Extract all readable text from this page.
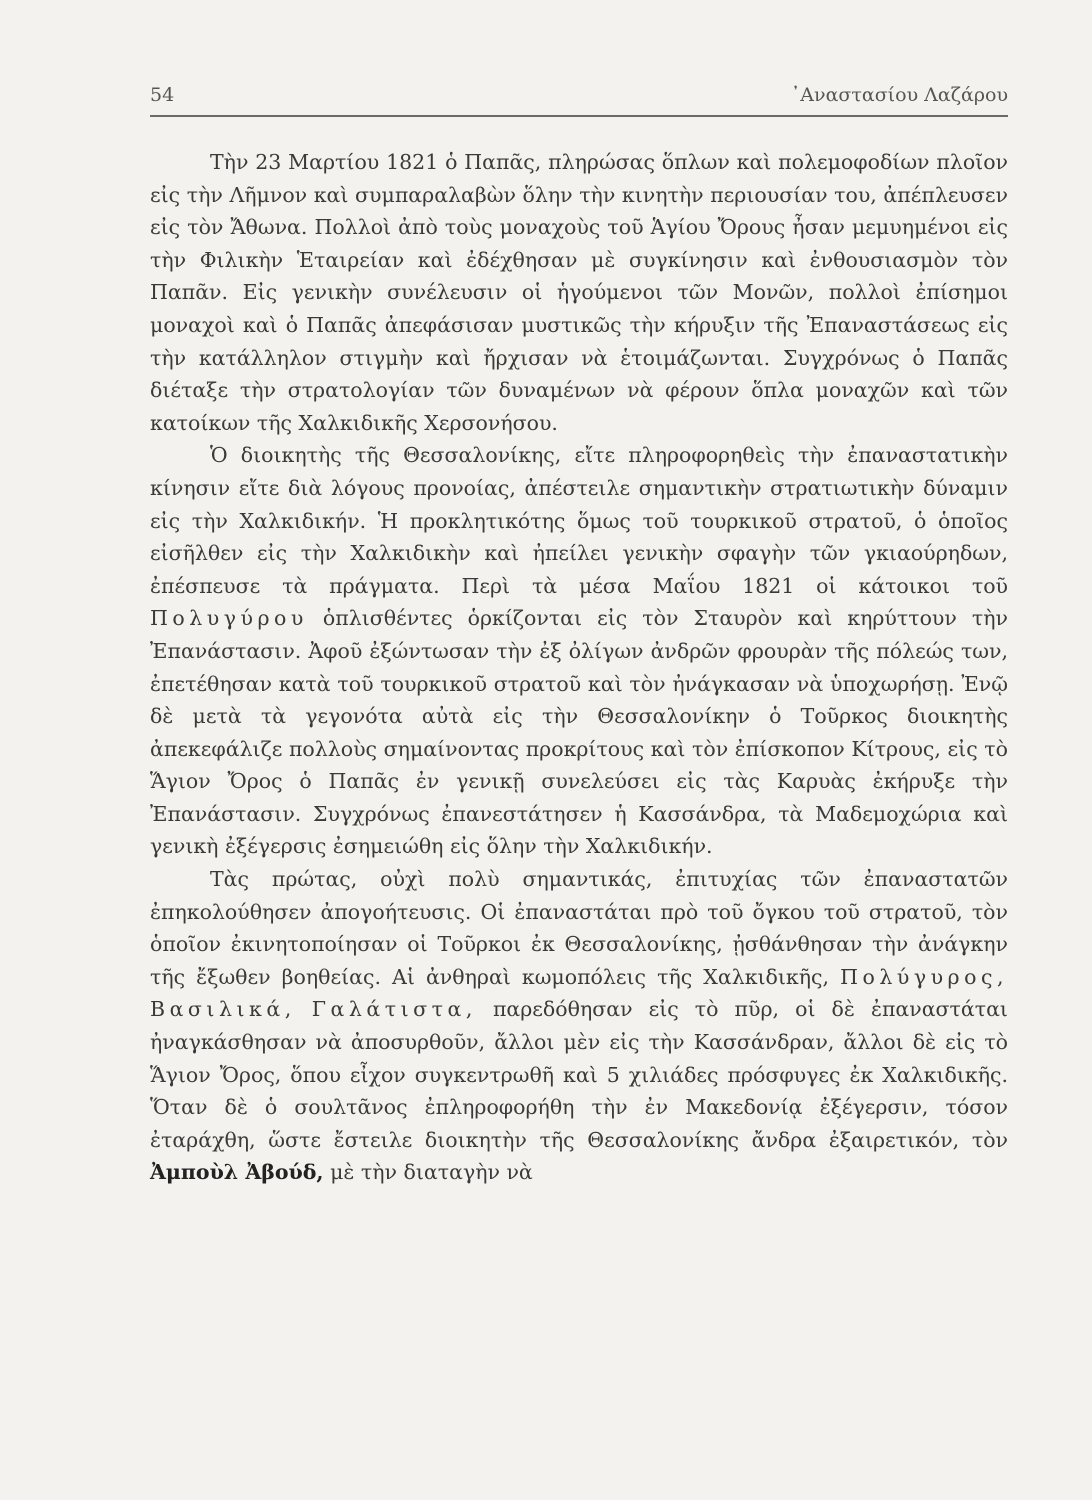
54	᾿Αναστασίου Λαζάρου

Τὴν 23 Μαρτίου 1821 ὁ Παπᾶς, πληρώσας ὅπλων καὶ πολεμοφοδίων πλοῖον εἰς τὴν Λῆμνον καὶ συμπαραλαβὼν ὅλην τὴν κινητὴν περιουσίαν του, ἀπέπλευσεν εἰς τὸν Ἄθωνα. Πολλοὶ ἀπὸ τοὺς μοναχοὺς τοῦ Ἁγίου Ὄρους ἦσαν μεμυημένοι εἰς τὴν Φιλικὴν Ἑταιρείαν καὶ ἐδέχθησαν μὲ συγκίνησιν καὶ ἐνθουσιασμὸν τὸν Παπᾶν. Εἰς γενικὴν συνέλευσιν οἱ ἡγούμενοι τῶν Μονῶν, πολλοὶ ἐπίσημοι μοναχοὶ καὶ ὁ Παπᾶς ἀπεφάσισαν μυστικῶς τὴν κήρυξιν τῆς Ἐπαναστάσεως εἰς τὴν κατάλληλον στιγμὴν καὶ ἤρχισαν νὰ ἑτοιμάζωνται. Συγχρόνως ὁ Παπᾶς διέταξε τὴν στρατολογίαν τῶν δυναμένων νὰ φέρουν ὅπλα μοναχῶν καὶ τῶν κατοίκων τῆς Χαλκιδικῆς Χερσονήσου.

Ὁ διοικητὴς τῆς Θεσσαλονίκης, εἴτε πληροφορηθεὶς τὴν ἐπαναστατικὴν κίνησιν εἴτε διὰ λόγους προνοίας, ἀπέστειλε σημαντικὴν στρατιωτικὴν δύναμιν εἰς τὴν Χαλκιδικήν. Ἡ προκλητικότης ὅμως τοῦ τουρκικοῦ στρατοῦ, ὁ ὁποῖος εἰσῆλθεν εἰς τὴν Χαλκιδικὴν καὶ ἠπείλει γενικὴν σφαγὴν τῶν γκιαούρηδων, ἐπέσπευσε τὰ πράγματα. Περὶ τὰ μέσα Μαΐου 1821 οἱ κάτοικοι τοῦ Πολυγύρου ὁπλισθέντες ὁρκίζονται εἰς τὸν Σταυρὸν καὶ κηρύττουν τὴν Ἐπανάστασιν. Ἀφοῦ ἐξώντωσαν τὴν ἐξ ὀλίγων ἀνδρῶν φρουρὰν τῆς πόλεώς των, ἐπετέθησαν κατὰ τοῦ τουρκικοῦ στρατοῦ καὶ τὸν ἠνάγκασαν νὰ ὑποχωρήσῃ. Ἐνῷ δὲ μετὰ τὰ γεγονότα αὐτὰ εἰς τὴν Θεσσαλονίκην ὁ Τοῦρκος διοικητὴς ἀπεκεφάλιζε πολλοὺς σημαίνοντας προκρίτους καὶ τὸν ἐπίσκοπον Κίτρους, εἰς τὸ Ἅγιον Ὄρος ὁ Παπᾶς ἐν γενικῇ συνελεύσει εἰς τὰς Καρυὰς ἐκήρυξε τὴν Ἐπανάστασιν. Συγχρόνως ἐπανεστάτησεν ἡ Κασσάνδρα, τὰ Μαδεμοχώρια καὶ γενικὴ ἐξέγερσις ἐσημειώθη εἰς ὅλην τὴν Χαλκιδικήν.

Τὰς πρώτας, οὐχὶ πολὺ σημαντικάς, ἐπιτυχίας τῶν ἐπαναστατῶν ἐπηκολούθησεν ἀπογοήτευσις. Οἱ ἐπαναστάται πρὸ τοῦ ὄγκου τοῦ στρατοῦ, τὸν ὁποῖον ἐκινητοποίησαν οἱ Τοῦρκοι ἐκ Θεσσαλονίκης, ᾐσθάνθησαν τὴν ἀνάγκην τῆς ἔξωθεν βοηθείας. Αἱ ἀνθηραὶ κωμοπόλεις τῆς Χαλκιδικῆς, Πολύγυρος, Βασιλικά, Γαλάτιστα, παρεδόθησαν εἰς τὸ πῦρ, οἱ δὲ ἐπαναστάται ἠναγκάσθησαν νὰ ἀποσυρθοῦν, ἄλλοι μὲν εἰς τὴν Κασσάνδραν, ἄλλοι δὲ εἰς τὸ Ἅγιον Ὄρος, ὅπου εἶχον συγκεντρωθῆ καὶ 5 χιλιάδες πρόσφυγες ἐκ Χαλκιδικῆς. Ὅταν δὲ ὁ σουλτᾶνος ἐπληροφορήθη τὴν ἐν Μακεδονίᾳ ἐξέγερσιν, τόσον ἐταράχθη, ὥστε ἔστειλε διοικητὴν τῆς Θεσσαλονίκης ἄνδρα ἐξαιρετικόν, τὸν Ἀμποὺλ Ἀβούδ, μὲ τὴν διαταγὴν νὰ
